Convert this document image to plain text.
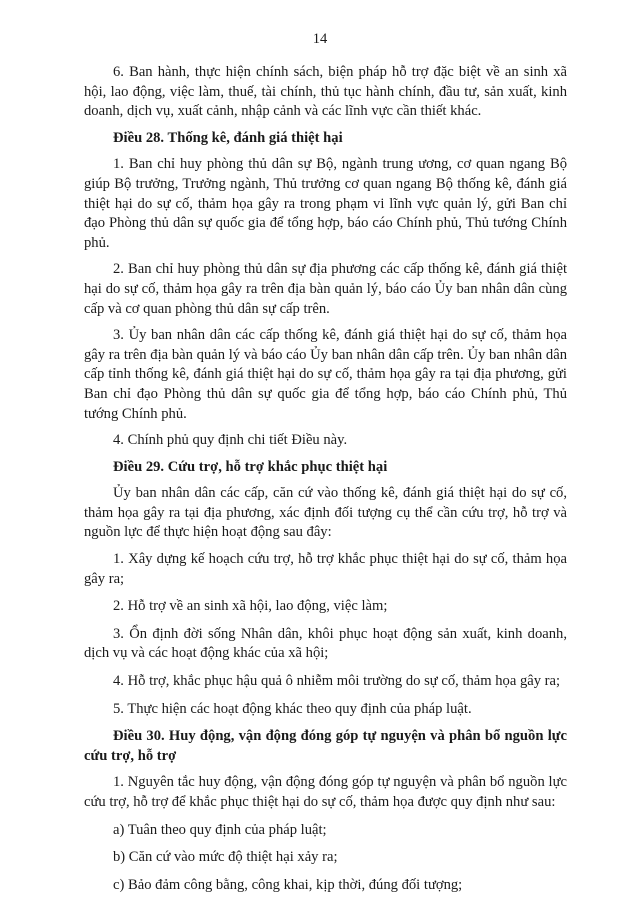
14

6. Ban hành, thực hiện chính sách, biện pháp hỗ trợ đặc biệt về an sinh xã hội, lao động, việc làm, thuế, tài chính, thủ tục hành chính, đầu tư, sản xuất, kinh doanh, dịch vụ, xuất cảnh, nhập cảnh và các lĩnh vực cần thiết khác.

Điều 28. Thống kê, đánh giá thiệt hại

1. Ban chỉ huy phòng thủ dân sự Bộ, ngành trung ương, cơ quan ngang Bộ giúp Bộ trưởng, Trưởng ngành, Thủ trưởng cơ quan ngang Bộ thống kê, đánh giá thiệt hại do sự cố, thảm họa gây ra trong phạm vi lĩnh vực quản lý, gửi Ban chỉ đạo Phòng thủ dân sự quốc gia để tổng hợp, báo cáo Chính phủ, Thủ tướng Chính phủ.

2. Ban chỉ huy phòng thủ dân sự địa phương các cấp thống kê, đánh giá thiệt hại do sự cố, thảm họa gây ra trên địa bàn quản lý, báo cáo Ủy ban nhân dân cùng cấp và cơ quan phòng thủ dân sự cấp trên.

3. Ủy ban nhân dân các cấp thống kê, đánh giá thiệt hại do sự cố, thảm họa gây ra trên địa bàn quản lý và báo cáo Ủy ban nhân dân cấp trên. Ủy ban nhân dân cấp tỉnh thống kê, đánh giá thiệt hại do sự cố, thảm họa gây ra tại địa phương, gửi Ban chỉ đạo Phòng thủ dân sự quốc gia để tổng hợp, báo cáo Chính phủ, Thủ tướng Chính phủ.

4. Chính phủ quy định chi tiết Điều này.

Điều 29. Cứu trợ, hỗ trợ khắc phục thiệt hại

Ủy ban nhân dân các cấp, căn cứ vào thống kê, đánh giá thiệt hại do sự cố, thảm họa gây ra tại địa phương, xác định đối tượng cụ thể cần cứu trợ, hỗ trợ và nguồn lực để thực hiện hoạt động sau đây:

1. Xây dựng kế hoạch cứu trợ, hỗ trợ khắc phục thiệt hại do sự cố, thảm họa gây ra;

2. Hỗ trợ về an sinh xã hội, lao động, việc làm;

3. Ổn định đời sống Nhân dân, khôi phục hoạt động sản xuất, kinh doanh, dịch vụ và các hoạt động khác của xã hội;

4. Hỗ trợ, khắc phục hậu quả ô nhiễm môi trường do sự cố, thảm họa gây ra;

5. Thực hiện các hoạt động khác theo quy định của pháp luật.

Điều 30. Huy động, vận động đóng góp tự nguyện và phân bổ nguồn lực cứu trợ, hỗ trợ

1. Nguyên tắc huy động, vận động đóng góp tự nguyện và phân bổ nguồn lực cứu trợ, hỗ trợ để khắc phục thiệt hại do sự cố, thảm họa được quy định như sau:

a) Tuân theo quy định của pháp luật;

b) Căn cứ vào mức độ thiệt hại xảy ra;

c) Bảo đảm công bằng, công khai, kịp thời, đúng đối tượng;
